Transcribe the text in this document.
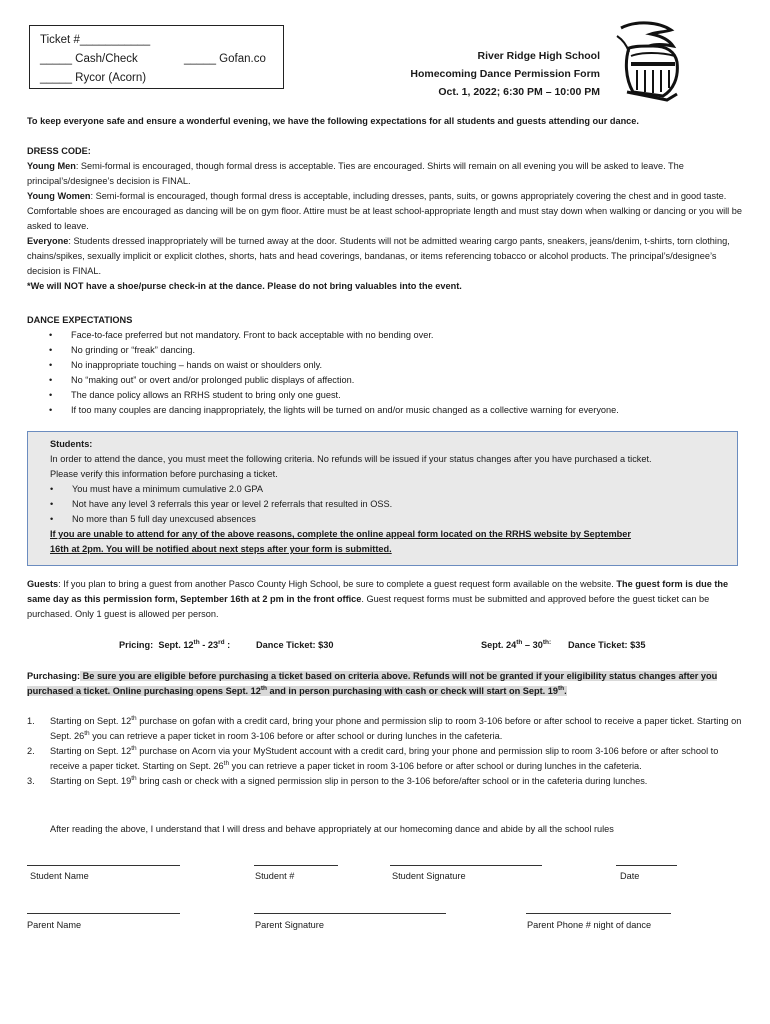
Ticket #___________
_____ Cash/Check
_____ Rycor (Acorn)
_____ Gofan.co	River Ridge High School
Homecoming Dance Permission Form
Oct. 1, 2022; 6:30 PM – 10:00 PM
To keep everyone safe and ensure a wonderful evening, we have the following expectations for all students and guests attending our dance.
DRESS CODE:
Young Men: Semi-formal is encouraged, though formal dress is acceptable. Ties are encouraged. Shirts will remain on all evening you will be asked to leave. The principal’s/designee’s decision is FINAL.
Young Women: Semi-formal is encouraged, though formal dress is acceptable, including dresses, pants, suits, or gowns appropriately covering the chest and in good taste. Comfortable shoes are encouraged as dancing will be on gym floor. Attire must be at least school-appropriate length and must stay down when walking or dancing or you will be asked to leave.
Everyone: Students dressed inappropriately will be turned away at the door. Students will not be admitted wearing cargo pants, sneakers, jeans/denim, t-shirts, torn clothing, chains/spikes, sexually implicit or explicit clothes, shorts, hats and head coverings, bandanas, or items referencing tobacco or alcohol products. The principal’s/designee’s decision is FINAL.
*We will NOT have a shoe/purse check-in at the dance. Please do not bring valuables into the event.
DANCE EXPECTATIONS
• Face-to-face preferred but not mandatory. Front to back acceptable with no bending over.
• No grinding or “freak” dancing.
• No inappropriate touching – hands on waist or shoulders only.
• No “making out” or overt and/or prolonged public displays of affection.
• The dance policy allows an RRHS student to bring only one guest.
• If too many couples are dancing inappropriately, the lights will be turned on and/or music changed as a collective warning for everyone.
Students:
In order to attend the dance, you must meet the following criteria. No refunds will be issued if your status changes after you have purchased a ticket. Please verify this information before purchasing a ticket.
• You must have a minimum cumulative 2.0 GPA
• Not have any level 3 referrals this year or level 2 referrals that resulted in OSS.
• No more than 5 full day unexcused absences
If you are unable to attend for any of the above reasons, complete the online appeal form located on the RRHS website by September 16th at 2pm. You will be notified about next steps after your form is submitted.
Guests: If you plan to bring a guest from another Pasco County High School, be sure to complete a guest request form available on the website. The guest form is due the same day as this permission form, September 16th at 2 pm in the front office. Guest request forms must be submitted and approved before the guest ticket can be purchased. Only 1 guest is allowed per person.
Pricing: Sept. 12th - 23rd :	Dance Ticket: $30	Sept. $24th - 30^{th:}$ Dance Ticket: $35
Purchasing: Be sure you are eligible before purchasing a ticket based on criteria above. Refunds will not be granted if your eligibility status changes after you purchased a ticket. Online purchasing opens Sept. 12th and in person purchasing with cash or check will start on Sept. 19th.
1. Starting on Sept. 12th purchase on gofan with a credit card, bring your phone and permission slip to room 3-106 before or after school to receive a paper ticket. Starting on Sept. 26th you can retrieve a paper ticket in room 3-106 before or after school or during lunches in the cafeteria.
2. Starting on Sept. 12th purchase on Acorn via your MyStudent account with a credit card, bring your phone and permission slip to room 3-106 before or after school to receive a paper ticket. Starting on Sept. 26th you can retrieve a paper ticket in room 3-106 before or after school or during lunches in the cafeteria.
3. Starting on Sept. 19th bring cash or check with a signed permission slip in person to the 3-106 before/after school or in the cafeteria during lunches.
After reading the above, I understand that I will dress and behave appropriately at our homecoming dance and abide by all the school rules
Student Name	Student #	Student Signature	Date
Parent Name	Parent Signature	Parent Phone # night of dance
